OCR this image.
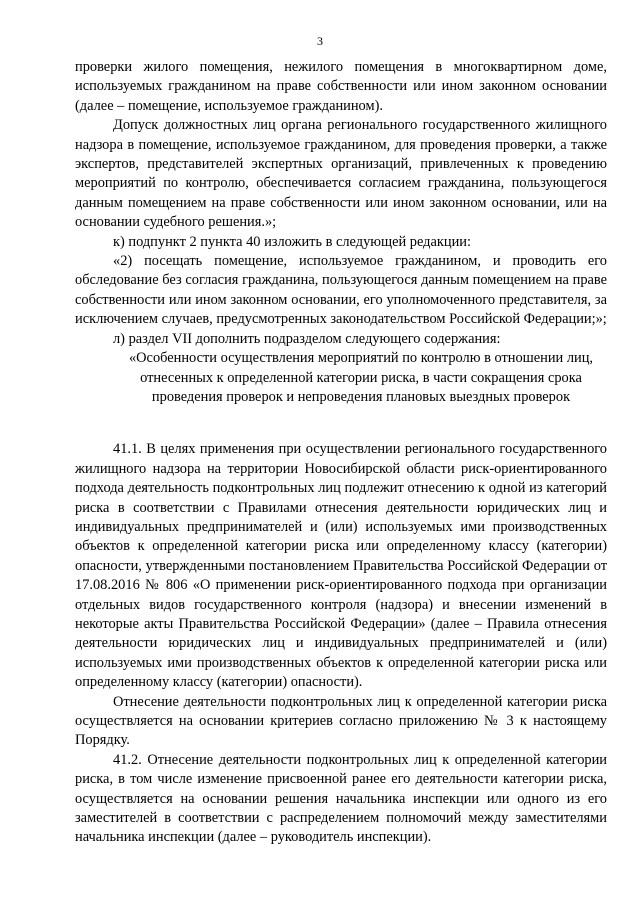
3

проверки жилого помещения, нежилого помещения в многоквартирном доме, используемых гражданином на праве собственности или ином законном основании (далее – помещение, используемое гражданином).

Допуск должностных лиц органа регионального государственного жилищного надзора в помещение, используемое гражданином, для проведения проверки, а также экспертов, представителей экспертных организаций, привлеченных к проведению мероприятий по контролю, обеспечивается согласием гражданина, пользующегося данным помещением на праве собственности или ином законном основании, или на основании судебного решения.»;

к) подпункт 2 пункта 40 изложить в следующей редакции:

«2) посещать помещение, используемое гражданином, и проводить его обследование без согласия гражданина, пользующегося данным помещением на праве собственности или ином законном основании, его уполномоченного представителя, за исключением случаев, предусмотренных законодательством Российской Федерации;»;

л) раздел VII дополнить подразделом следующего содержания:

«Особенности осуществления мероприятий по контролю в отношении лиц, отнесенных к определенной категории риска, в части сокращения срока проведения проверок и непроведения плановых выездных проверок

41.1. В целях применения при осуществлении регионального государственного жилищного надзора на территории Новосибирской области риск-ориентированного подхода деятельность подконтрольных лиц подлежит отнесению к одной из категорий риска в соответствии с Правилами отнесения деятельности юридических лиц и индивидуальных предпринимателей и (или) используемых ими производственных объектов к определенной категории риска или определенному классу (категории) опасности, утвержденными постановлением Правительства Российской Федерации от 17.08.2016 № 806 «О применении риск-ориентированного подхода при организации отдельных видов государственного контроля (надзора) и внесении изменений в некоторые акты Правительства Российской Федерации» (далее – Правила отнесения деятельности юридических лиц и индивидуальных предпринимателей и (или) используемых ими производственных объектов к определенной категории риска или определенному классу (категории) опасности).

Отнесение деятельности подконтрольных лиц к определенной категории риска осуществляется на основании критериев согласно приложению № 3 к настоящему Порядку.

41.2. Отнесение деятельности подконтрольных лиц к определенной категории риска, в том числе изменение присвоенной ранее его деятельности категории риска, осуществляется на основании решения начальника инспекции или одного из его заместителей в соответствии с распределением полномочий между заместителями начальника инспекции (далее – руководитель инспекции).
